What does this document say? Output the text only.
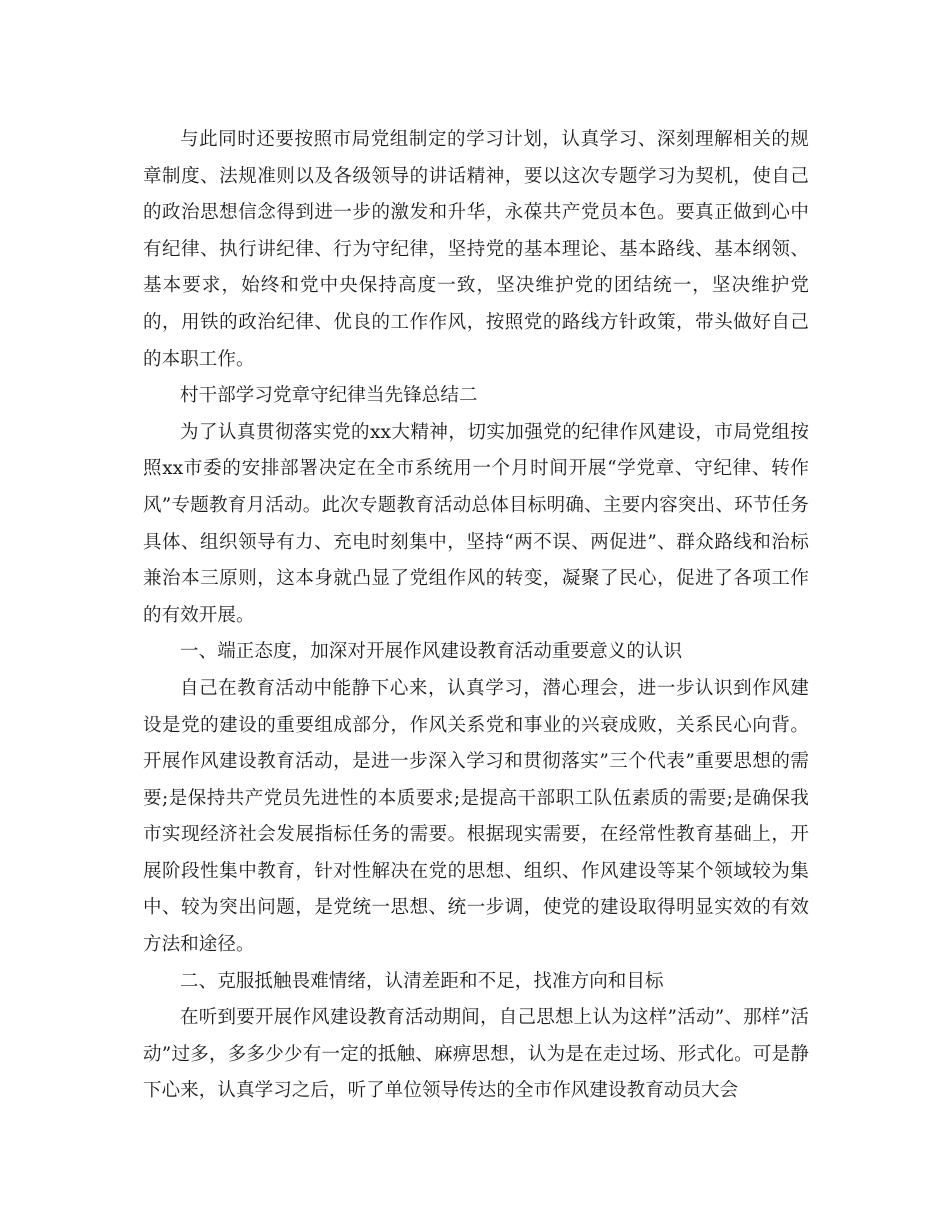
与此同时还要按照市局党组制定的学习计划，认真学习、深刻理解相关的规章制度、法规准则以及各级领导的讲话精神，要以这次专题学习为契机，使自己的政治思想信念得到进一步的激发和升华，永葆共产党员本色。要真正做到心中有纪律、执行讲纪律、行为守纪律，坚持党的基本理论、基本路线、基本纲领、基本要求，始终和党中央保持高度一致，坚决维护党的团结统一，坚决维护党的，用铁的政治纪律、优良的工作作风，按照党的路线方针政策，带头做好自己的本职工作。

村干部学习党章守纪律当先锋总结二

为了认真贯彻落实党的xx大精神，切实加强党的纪律作风建设，市局党组按照xx市委的安排部署决定在全市系统用一个月时间开展“学党章、守纪律、转作风”专题教育月活动。此次专题教育活动总体目标明确、主要内容突出、环节任务具体、组织领导有力、充电时刻集中，坚持“两不误、两促进”、群众路线和治标兼治本三原则，这本身就凸显了党组作风的转变，凝聚了民心，促进了各项工作的有效开展。

一、端正态度，加深对开展作风建设教育活动重要意义的认识

自己在教育活动中能静下心来，认真学习，潜心理会，进一步认识到作风建设是党的建设的重要组成部分，作风关系党和事业的兴衰成败，关系民心向背。开展作风建设教育活动，是进一步深入学习和贯彻落实”三个代表”重要思想的需要;是保持共产党员先进性的本质要求;是提高干部职工队伍素质的需要;是确保我市实现经济社会发展指标任务的需要。根据现实需要，在经常性教育基础上，开展阶段性集中教育，针对性解决在党的思想、组织、作风建设等某个领域较为集中、较为突出问题，是党统一思想、统一步调，使党的建设取得明显实效的有效方法和途径。

二、克服抵触畏难情绪，认清差距和不足，找准方向和目标

在听到要开展作风建设教育活动期间，自己思想上认为这样”活动”、那样”活动”过多，多多少少有一定的抵触、麻痹思想，认为是在走过场、形式化。可是静下心来，认真学习之后，听了单位领导传达的全市作风建设教育动员大会
